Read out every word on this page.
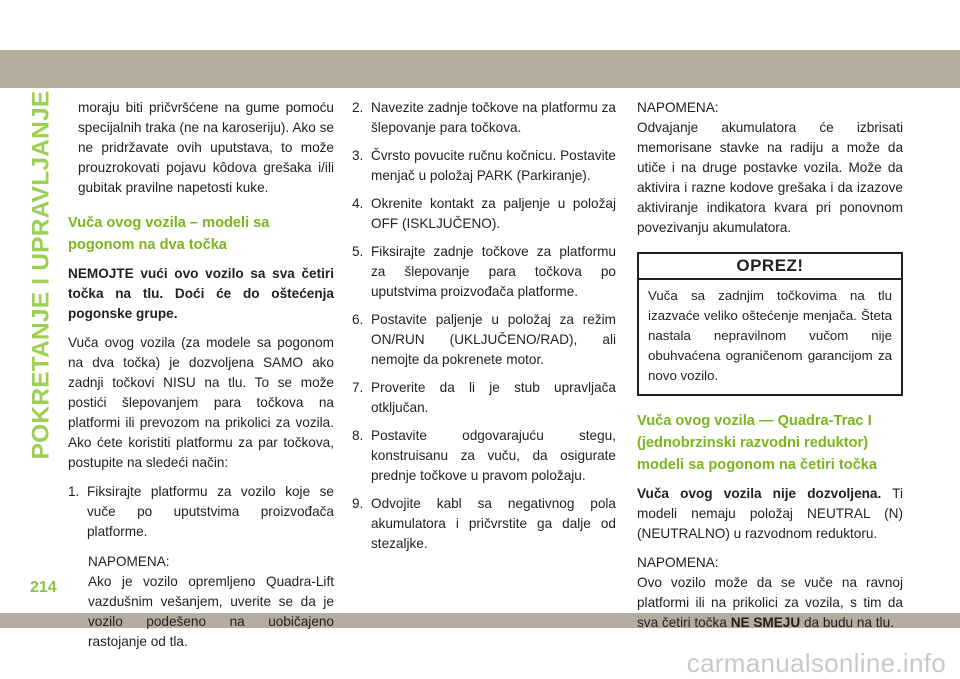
POKRETANJE I UPRAVLJANJE
214

moraju biti pričvršćene na gume pomoću specijalnih traka (ne na karoseriju). Ako se ne pridržavate ovih uputstava, to može prouzrokovati pojavu kôdova grešaka i/ili gubitak pravilne napetosti kuke.

Vuča ovog vozila – modeli sa pogonom na dva točka

NEMOJTE vući ovo vozilo sa sva četiri točka na tlu. Doći će do oštećenja pogonske grupe.

Vuča ovog vozila (za modele sa pogonom na dva točka) je dozvoljena SAMO ako zadnji točkovi NISU na tlu. To se može postići šlepovanjem para točkova na platformi ili prevozom na prikolici za vozila. Ako ćete koristiti platformu za par točkova, postupite na sledeći način:

1. Fiksirajte platformu za vozilo koje se vuče po uputstvima proizvođača platforme.

NAPOMENA:

Ako je vozilo opremljeno Quadra-Lift vazdušnim vešanjem, uverite se da je vozilo podešeno na uobičajeno rastojanje od tla.

2. Navezite zadnje točkove na platformu za šlepovanje para točkova.
3. Čvrsto povucite ručnu kočnicu. Postavite menjač u položaj PARK (Parkiranje).
4. Okrenite kontakt za paljenje u položaj OFF (ISKLJUČENO).
5. Fiksirajte zadnje točkove za platformu za šlepovanje para točkova po uputstvima proizvođača platforme.
6. Postavite paljenje u položaj za režim ON/RUN (UKLJUČENO/RAD), ali nemojte da pokrenete motor.
7. Proverite da li je stub upravljača otključan.
8. Postavite odgovarajuću stegu, konstruisanu za vuču, da osigurate prednje točkove u pravom položaju.
9. Odvojite kabl sa negativnog pola akumulatora i pričvrstite ga dalje od stezaljke.

NAPOMENA:

Odvajanje akumulatora će izbrisati memorisane stavke na radiju a može da utiče i na druge postavke vozila. Može da aktivira i razne kodove grešaka i da izazove aktiviranje indikatora kvara pri ponovnom povezivanju akumulatora.

OPREZ!
Vuča sa zadnjim točkovima na tlu izazvaće veliko oštećenje menjača. Šteta nastala nepravilnom vučom nije obuhvaćena ograničenom garancijom za novo vozilo.
Vuča ovog vozila — Quadra-Trac I (jednobrzinski razvodni reduktor) modeli sa pogonom na četiri točka

Vuča ovog vozila nije dozvoljena. Ti modeli nemaju položaj NEUTRAL (N) (NEUTRALNO) u razvodnom reduktoru.

NAPOMENA:

Ovo vozilo može da se vuče na ravnoj platformi ili na prikolici za vozila, s tim da sva četiri točka NE SMEJU da budu na tlu.

carmanualsonline.info
